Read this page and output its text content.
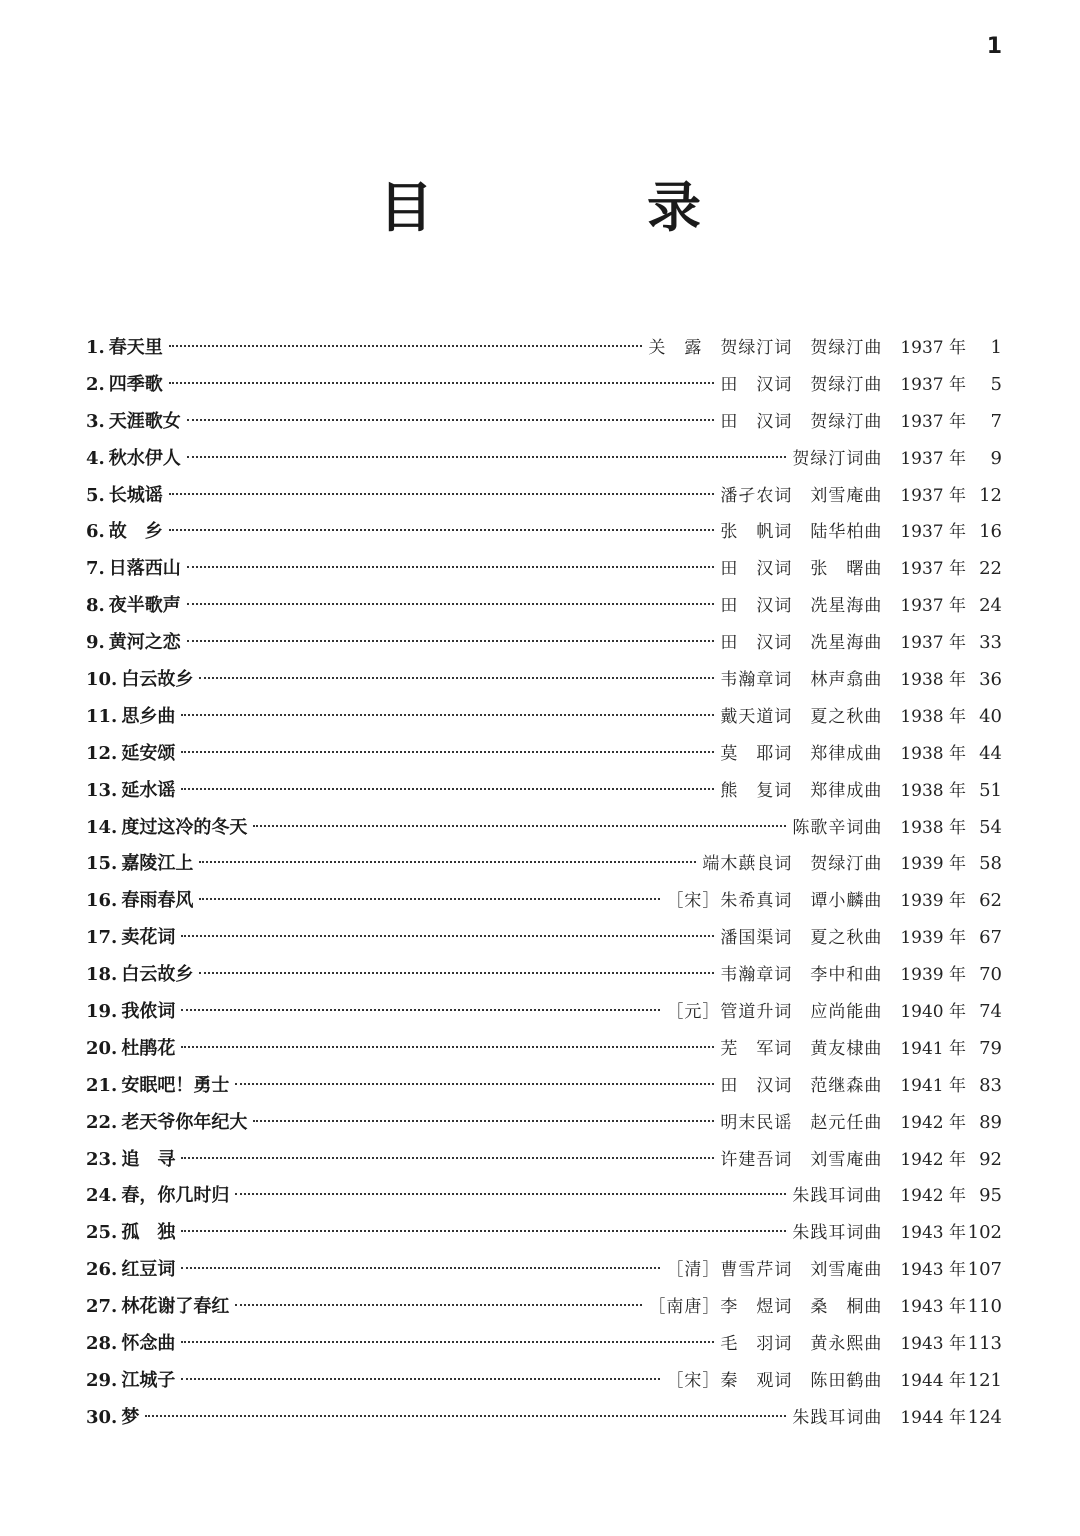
1
目　录
1. 春天里	关　露　贺绿汀词　贺绿汀曲 1937 年	1
2. 四季歌	田　汉词　贺绿汀曲 1937 年	5
3. 天涯歌女	田　汉词　贺绿汀曲 1937 年	7
4. 秋水伊人	贺绿汀词曲 1937 年	9
5. 长城谣	潘孑农词　刘雪庵曲 1937 年 12
6. 故　乡	张　帆词　陆华柏曲 1937 年 16
7. 日落西山	田　汉词　张　曙曲 1937 年 22
8. 夜半歌声	田　汉词　冼星海曲 1937 年 24
9. 黄河之恋	田　汉词　冼星海曲 1937 年 33
10. 白云故乡	韦瀚章词　林声翕曲 1938 年 36
11. 思乡曲	戴天道词　夏之秋曲 1938 年 40
12. 延安颂	莫　耶词　郑律成曲 1938 年 44
13. 延水谣	熊　复词　郑律成曲 1938 年 51
14. 度过这冷的冬天	陈歌辛词曲 1938 年 54
15. 嘉陵江上	端木蕻良词　贺绿汀曲 1939 年 58
16. 春雨春风	［宋］朱希真词　谭小麟曲 1939 年 62
17. 卖花词	潘国渠词　夏之秋曲 1939 年 67
18. 白云故乡	韦瀚章词　李中和曲 1939 年 70
19. 我侬词	［元］管道升词　应尚能曲 1940 年 74
20. 杜鹃花	芜　军词　黄友棣曲 1941 年 79
21. 安眠吧！勇士	田　汉词　范继森曲 1941 年 83
22. 老天爷你年纪大	明末民谣　赵元任曲 1942 年 89
23. 追　寻	许建吾词　刘雪庵曲 1942 年 92
24. 春，你几时归	朱践耳词曲 1942 年 95
25. 孤　独	朱践耳词曲 1943 年 102
26. 红豆词	［清］曹雪芹词　刘雪庵曲 1943 年 107
27. 林花谢了春红	［南唐］李　煜词　桑　桐曲 1943 年 110
28. 怀念曲	毛　羽词　黄永熙曲 1943 年 113
29. 江城子	［宋］秦　观词　陈田鹤曲 1944 年 121
30. 梦	朱践耳词曲 1944 年 124
